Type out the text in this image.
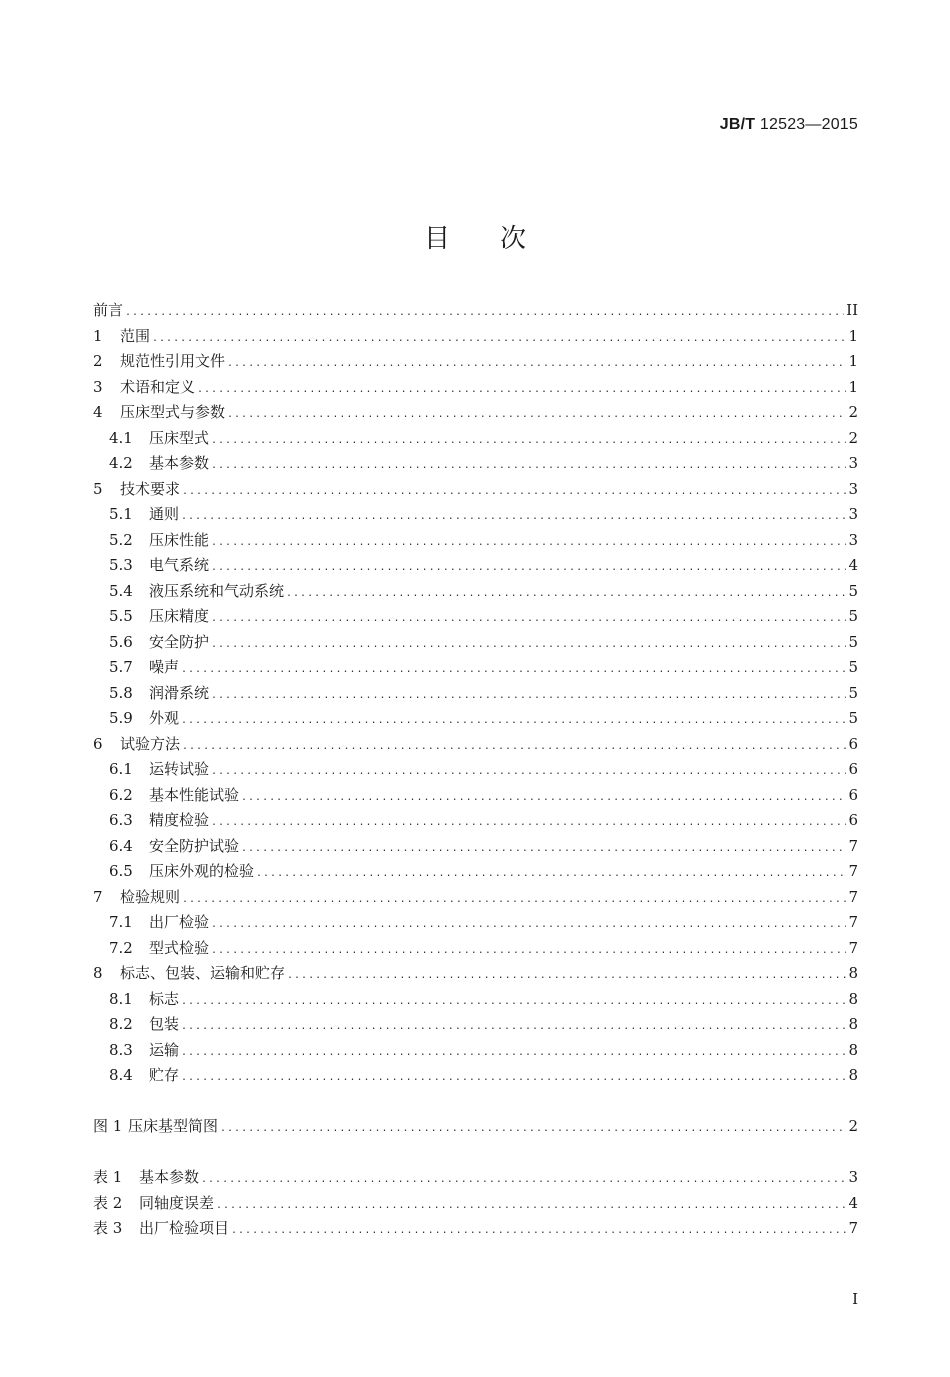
JB/T 12523—2015
目次
前言 .....	II
1	范围 .....	1
2	规范性引用文件 .....	1
3	术语和定义 .....	1
4	压床型式与参数 .....	2
4.1	压床型式 .....	2
4.2	基本参数 .....	3
5	技术要求 .....	3
5.1	通则 .....	3
5.2	压床性能 .....	3
5.3	电气系统 .....	4
5.4	液压系统和气动系统 .....	5
5.5	压床精度 .....	5
5.6	安全防护 .....	5
5.7	噪声 .....	5
5.8	润滑系统 .....	5
5.9	外观 .....	5
6	试验方法 .....	6
6.1	运转试验 .....	6
6.2	基本性能试验 .....	6
6.3	精度检验 .....	6
6.4	安全防护试验 .....	7
6.5	压床外观的检验 .....	7
7	检验规则 .....	7
7.1	出厂检验 .....	7
7.2	型式检验 .....	7
8	标志、包装、运输和贮存 .....	8
8.1	标志 .....	8
8.2	包装 .....	8
8.3	运输 .....	8
8.4	贮存 .....	8
图 1 压床基型简图 .....	2
表 1	基本参数 .....	3
表 2	同轴度误差 .....	4
表 3	出厂检验项目 .....	7
I
